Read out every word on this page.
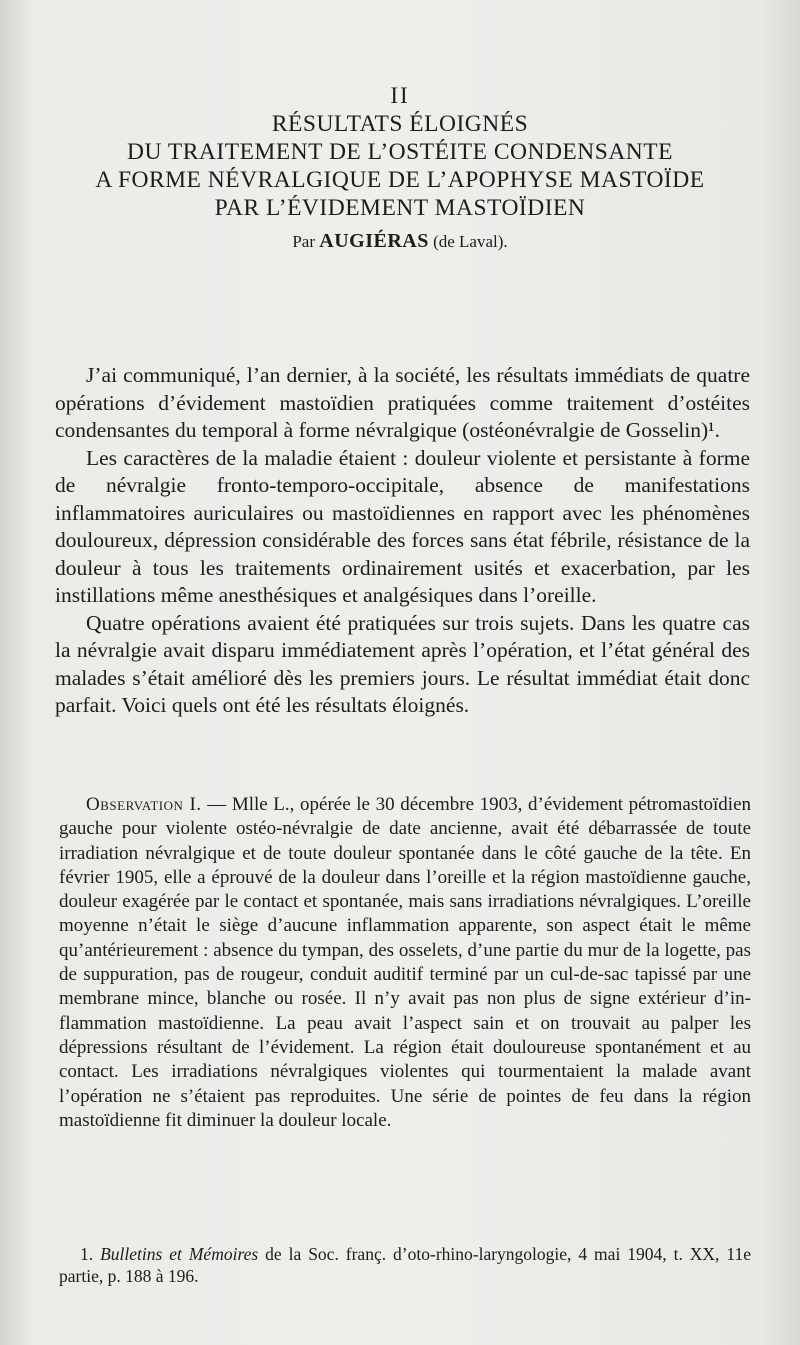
II
RÉSULTATS ÉLOIGNÉS
DU TRAITEMENT DE L’OSTÉITE CONDENSANTE
A FORME NÉVRALGIQUE DE L’APOPHYSE MASTOÏDE
PAR L’ÉVIDEMENT MASTOÏDIEN
Par AUGIÉRAS (de Laval).

J’ai communiqué, l’an dernier, à la société, les résultats immédiats de quatre opérations d’évidement mastoïdien pratiquées comme traitement d’ostéites condensantes du temporal à forme névralgique (ostéonévralgie de Gosselin)¹.

Les caractères de la maladie étaient : douleur violente et persistante à forme de névralgie fronto-temporo-occipitale, absence de manifestations inflammatoires auriculaires ou mastoïdiennes en rapport avec les phénomènes douloureux, dépression considérable des forces sans état fébrile, résistance de la douleur à tous les traitements ordinairement usités et exacerbation, par les instillations même anesthésiques et analgésiques dans l’oreille.

Quatre opérations avaient été pratiquées sur trois sujets. Dans les quatre cas la névralgie avait disparu immédiatement après l’opération, et l’état général des malades s’était amélioré dès les premiers jours. Le résultat immédiat était donc parfait. Voici quels ont été les résultats éloignés.

Observation I. — Mlle L., opérée le 30 décembre 1903, d’évidement pétromastoïdien gauche pour violente ostéo-névralgie de date ancienne, avait été débarrassée de toute irradiation névralgique et de toute douleur spontanée dans le côté gauche de la tête. En février 1905, elle a éprouvé de la douleur dans l’oreille et la région mastoïdienne gauche, douleur exagérée par le contact et spontanée, mais sans irradiations névralgiques. L’oreille moyenne n’était le siège d’aucune inflammation apparente, son aspect était le même qu’antérieurement : absence du tympan, des osselets, d’une partie du mur de la logette, pas de suppuration, pas de rougeur, conduit auditif terminé par un cul-de-sac tapissé par une membrane mince, blanche ou rosée. Il n’y avait pas non plus de signe extérieur d’inflammation mastoïdienne. La peau avait l’aspect sain et on trouvait au palper les dépressions résultant de l’évidement. La région était douloureuse spontanément et au contact. Les irradiations névralgiques violentes qui tourmentaient la malade avant l’opération ne s’étaient pas reproduites. Une série de pointes de feu dans la région mastoïdienne fit diminuer la douleur locale.

1. Bulletins et Mémoires de la Soc. franç. d’oto-rhino-laryngologie, 4 mai 1904, t. XX, 11e partie, p. 188 à 196.
